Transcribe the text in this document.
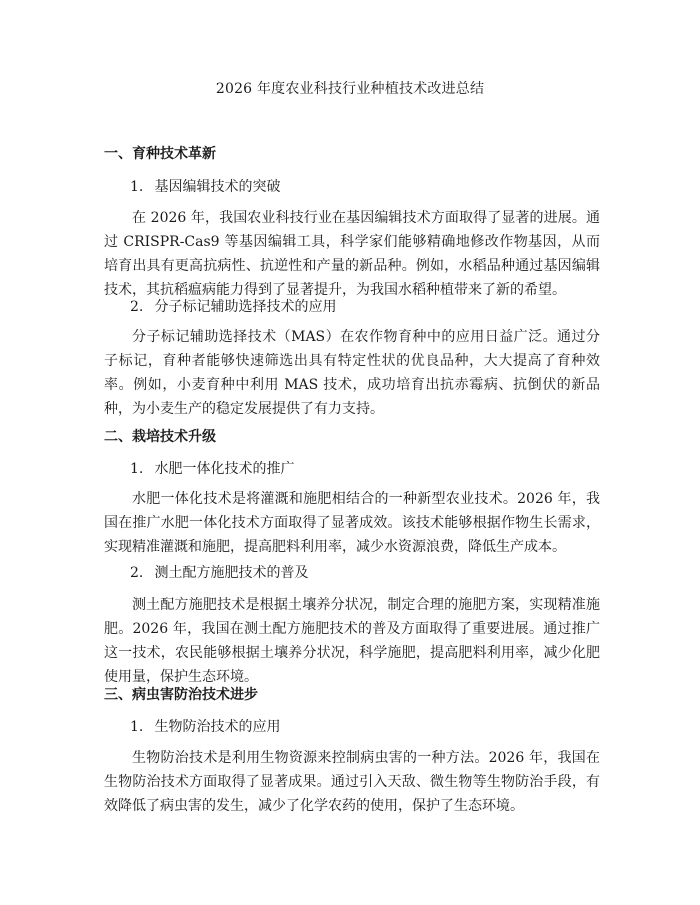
2026 年度农业科技行业种植技术改进总结
一、育种技术革新
1. 基因编辑技术的突破
在 2026 年，我国农业科技行业在基因编辑技术方面取得了显著的进展。通过 CRISPR-Cas9 等基因编辑工具，科学家们能够精确地修改作物基因，从而培育出具有更高抗病性、抗逆性和产量的新品种。例如，水稻品种通过基因编辑技术，其抗稻瘟病能力得到了显著提升，为我国水稻种植带来了新的希望。
2. 分子标记辅助选择技术的应用
分子标记辅助选择技术（MAS）在农作物育种中的应用日益广泛。通过分子标记，育种者能够快速筛选出具有特定性状的优良品种，大大提高了育种效率。例如，小麦育种中利用 MAS 技术，成功培育出抗赤霉病、抗倒伏的新品种，为小麦生产的稳定发展提供了有力支持。
二、栽培技术升级
1. 水肥一体化技术的推广
水肥一体化技术是将灌溉和施肥相结合的一种新型农业技术。2026 年，我国在推广水肥一体化技术方面取得了显著成效。该技术能够根据作物生长需求，实现精准灌溉和施肥，提高肥料利用率，减少水资源浪费，降低生产成本。
2. 测土配方施肥技术的普及
测土配方施肥技术是根据土壤养分状况，制定合理的施肥方案，实现精准施肥。2026 年，我国在测土配方施肥技术的普及方面取得了重要进展。通过推广这一技术，农民能够根据土壤养分状况，科学施肥，提高肥料利用率，减少化肥使用量，保护生态环境。
三、病虫害防治技术进步
1. 生物防治技术的应用
生物防治技术是利用生物资源来控制病虫害的一种方法。2026 年，我国在生物防治技术方面取得了显著成果。通过引入天敌、微生物等生物防治手段，有效降低了病虫害的发生，减少了化学农药的使用，保护了生态环境。
